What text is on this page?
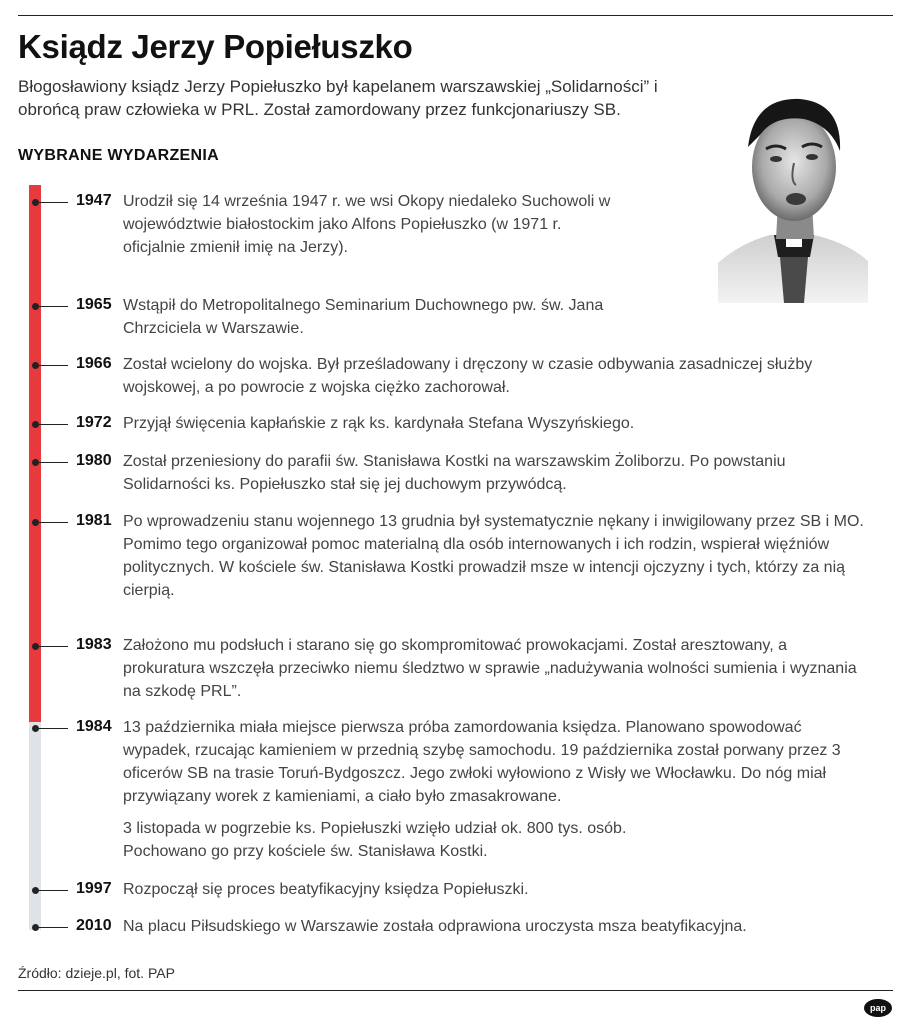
Ksiądz Jerzy Popiełuszko
Błogosławiony ksiądz Jerzy Popiełuszko był kapelanem warszawskiej „Solidarności” i obrońcą praw człowieka w PRL. Został zamordowany przez funkcjonariuszy SB.
WYBRANE WYDARZENIA
1947 Urodził się 14 września 1947 r. we wsi Okopy niedaleko Suchowoli w województwie białostockim jako Alfons Popiełuszko (w 1971 r. oficjalnie zmienił imię na Jerzy).

1965 Wstąpił do Metropolitalnego Seminarium Duchownego pw. św. Jana Chrzciciela w Warszawie.

1966 Został wcielony do wojska. Był prześladowany i dręczony w czasie odbywania zasadniczej służby wojskowej, a po powrocie z wojska ciężko zachorował.

1972 Przyjął święcenia kapłańskie z rąk ks. kardynała Stefana Wyszyńskiego.

1980 Został przeniesiony do parafii św. Stanisława Kostki na warszawskim Żoliborzu. Po powstaniu Solidarności ks. Popiełuszko stał się jej duchowym przywódcą.

1981 Po wprowadzeniu stanu wojennego 13 grudnia był systematycznie nękany i inwigilowany przez SB i MO. Pomimo tego organizował pomoc materialną dla osób internowanych i ich rodzin, wspierał więźniów politycznych. W kościele św. Stanisława Kostki prowadził msze w intencji ojczyzny i tych, którzy za nią cierpią.

1983 Założono mu podsłuch i starano się go skompromitować prowokacjami. Został aresztowany, a prokuratura wszczęła przeciwko niemu śledztwo w sprawie „nadużywania wolności sumienia i wyznania na szkodę PRL”.

1984 13 października miała miejsce pierwsza próba zamordowania księdza. Planowano spowodować wypadek, rzucając kamieniem w przednią szybę samochodu. 19 października został porwany przez 3 oficerów SB na trasie Toruń-Bydgoszcz. Jego zwłoki wyłowiono z Wisły we Włocławku. Do nóg miał przywiązany worek z kamieniami, a ciało było zmasakrowane.

3 listopada w pogrzebie ks. Popiełuszki wzięło udział ok. 800 tys. osób. Pochowano go przy kościele św. Stanisława Kostki.

1997 Rozpoczął się proces beatyfikacyjny księdza Popiełuszki.

2010 Na placu Piłsudskiego w Warszawie została odprawiona uroczysta msza beatyfikacyjna.

Źródło: dzieje.pl, fot. PAP
pap
